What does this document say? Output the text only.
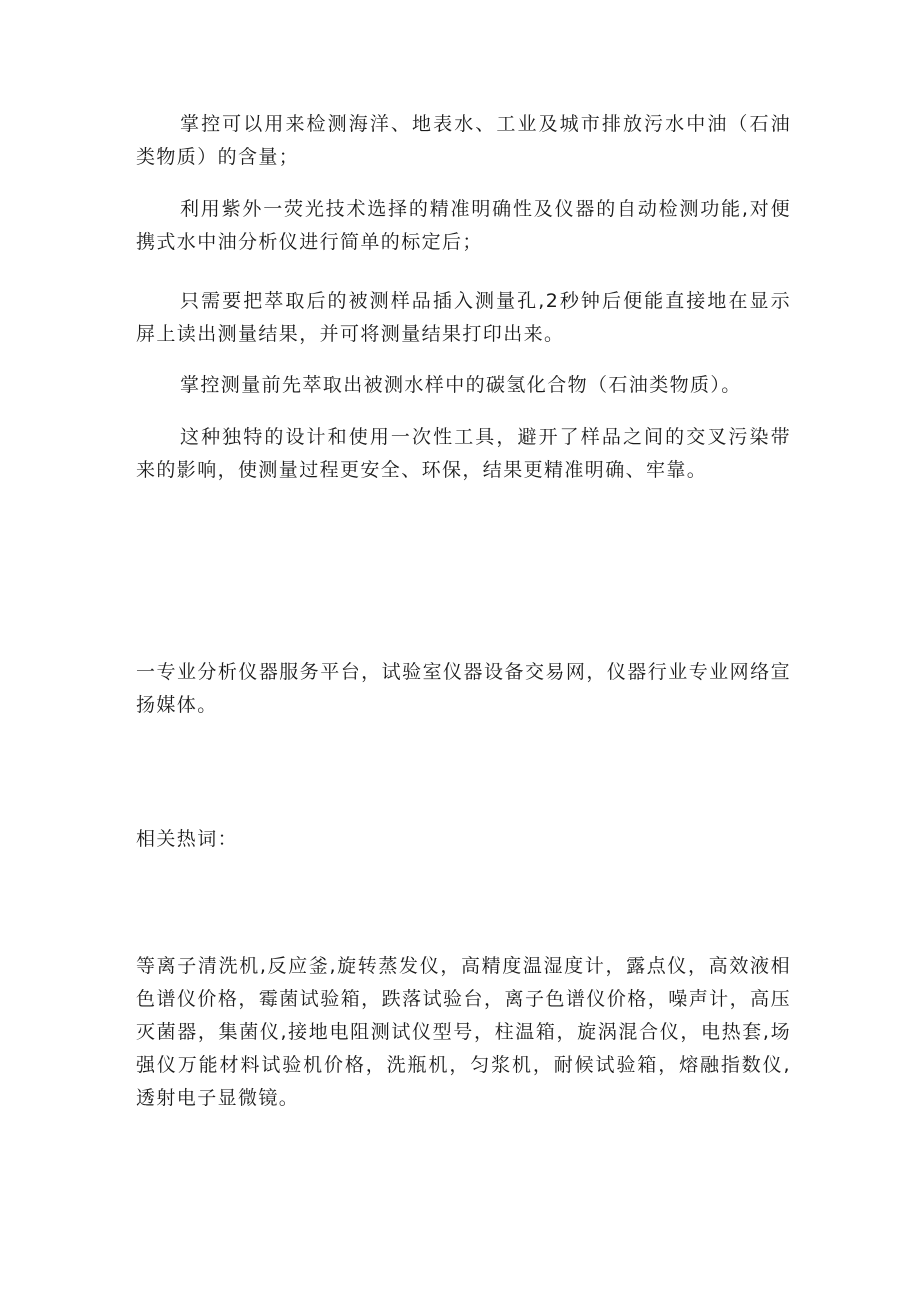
掌控可以用来检测海洋、地表水、工业及城市排放污水中油（石油类物质）的含量；

利用紫外一荧光技术选择的精准明确性及仪器的自动检测功能,对便携式水中油分析仪进行简单的标定后；

只需要把萃取后的被测样品插入测量孔,2秒钟后便能直接地在显示屏上读出测量结果，并可将测量结果打印出来。

掌控测量前先萃取出被测水样中的碳氢化合物（石油类物质）。

这种独特的设计和使用一次性工具，避开了样品之间的交叉污染带来的影响，使测量过程更安全、环保，结果更精准明确、牢靠。

一专业分析仪器服务平台，试验室仪器设备交易网，仪器行业专业网络宣扬媒体。

相关热词：

等离子清洗机,反应釜,旋转蒸发仪，高精度温湿度计，露点仪，高效液相色谱仪价格，霉菌试验箱，跌落试验台，离子色谱仪价格，噪声计，高压灭菌器，集菌仪,接地电阻测试仪型号，柱温箱，旋涡混合仪，电热套,场强仪万能材料试验机价格，洗瓶机，匀浆机，耐候试验箱，熔融指数仪,透射电子显微镜。
